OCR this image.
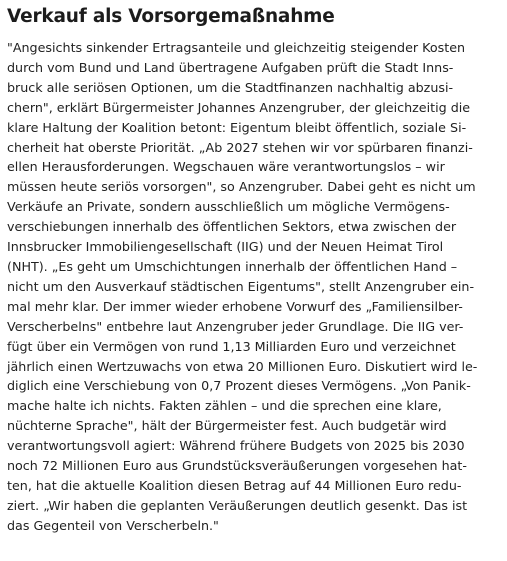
Verkauf als Vorsorgemaßnahme

"Angesichts sinkender Ertragsanteile und gleichzeitig steigender Kosten
durch vom Bund und Land übertragene Aufgaben prüft die Stadt Inns-
bruck alle seriösen Optionen, um die Stadtfinanzen nachhaltig abzusi-
chern", erklärt Bürgermeister Johannes Anzengruber, der gleichzeitig die
klare Haltung der Koalition betont: Eigentum bleibt öffentlich, soziale Si-
cherheit hat oberste Priorität. „Ab 2027 stehen wir vor spürbaren finanzi-
ellen Herausforderungen. Wegschauen wäre verantwortungslos – wir
müssen heute seriös vorsorgen", so Anzengruber. Dabei geht es nicht um
Verkäufe an Private, sondern ausschließlich um mögliche Vermögens-
verschiebungen innerhalb des öffentlichen Sektors, etwa zwischen der
Innsbrucker Immobiliengesellschaft (IIG) und der Neuen Heimat Tirol
(NHT). „Es geht um Umschichtungen innerhalb der öffentlichen Hand –
nicht um den Ausverkauf städtischen Eigentums", stellt Anzengruber ein-
mal mehr klar. Der immer wieder erhobene Vorwurf des „Familiensilber-
Verscherbelns" entbehre laut Anzengruber jeder Grundlage. Die IIG ver-
fügt über ein Vermögen von rund 1,13 Milliarden Euro und verzeichnet
jährlich einen Wertzuwachs von etwa 20 Millionen Euro. Diskutiert wird le-
diglich eine Verschiebung von 0,7 Prozent dieses Vermögens. „Von Panik-
mache halte ich nichts. Fakten zählen – und die sprechen eine klare,
nüchterne Sprache", hält der Bürgermeister fest. Auch budgetär wird
verantwortungsvoll agiert: Während frühere Budgets von 2025 bis 2030
noch 72 Millionen Euro aus Grundstücksveräußerungen vorgesehen hat-
ten, hat die aktuelle Koalition diesen Betrag auf 44 Millionen Euro redu-
ziert. „Wir haben die geplanten Veräußerungen deutlich gesenkt. Das ist
das Gegenteil von Verscherbeln."
